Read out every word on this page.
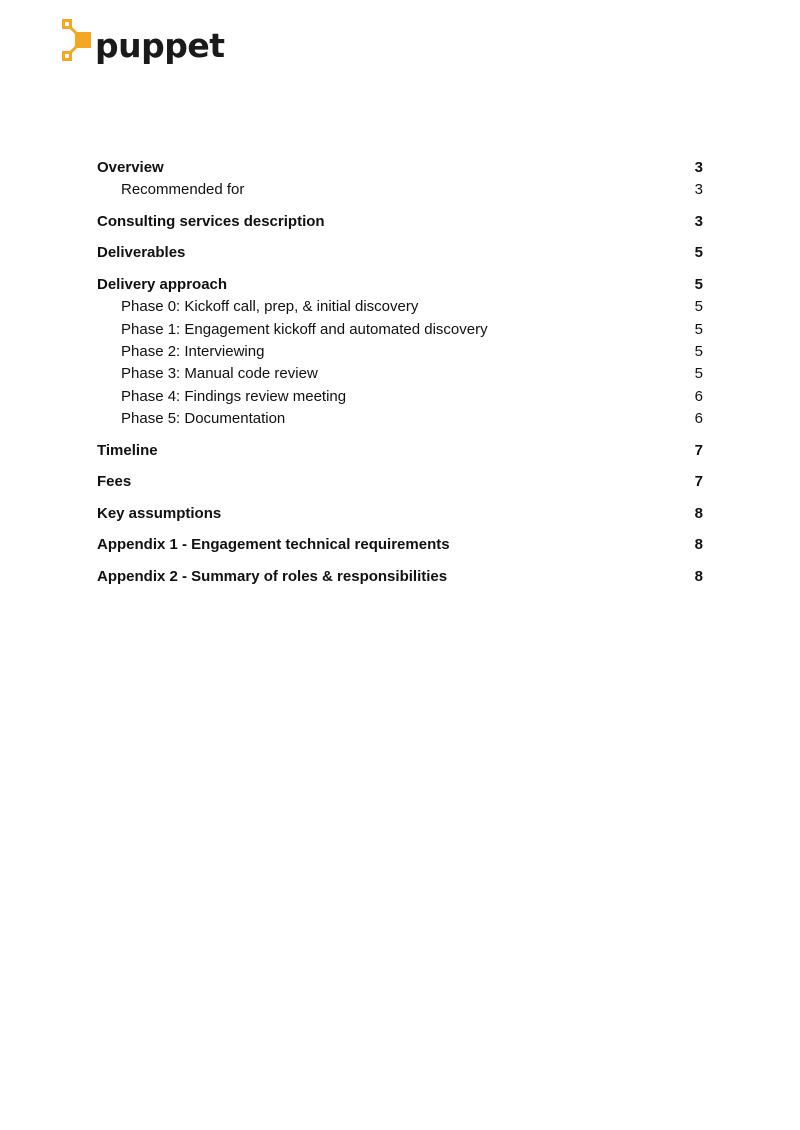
puppet
Overview	3
Recommended for	3
Consulting services description	3
Deliverables	5
Delivery approach	5
Phase 0: Kickoff call, prep, & initial discovery	5
Phase 1: Engagement kickoff and automated discovery	5
Phase 2: Interviewing	5
Phase 3: Manual code review	5
Phase 4: Findings review meeting	6
Phase 5: Documentation	6
Timeline	7
Fees	7
Key assumptions	8
Appendix 1 - Engagement technical requirements	8
Appendix 2 - Summary of roles & responsibilities	8
